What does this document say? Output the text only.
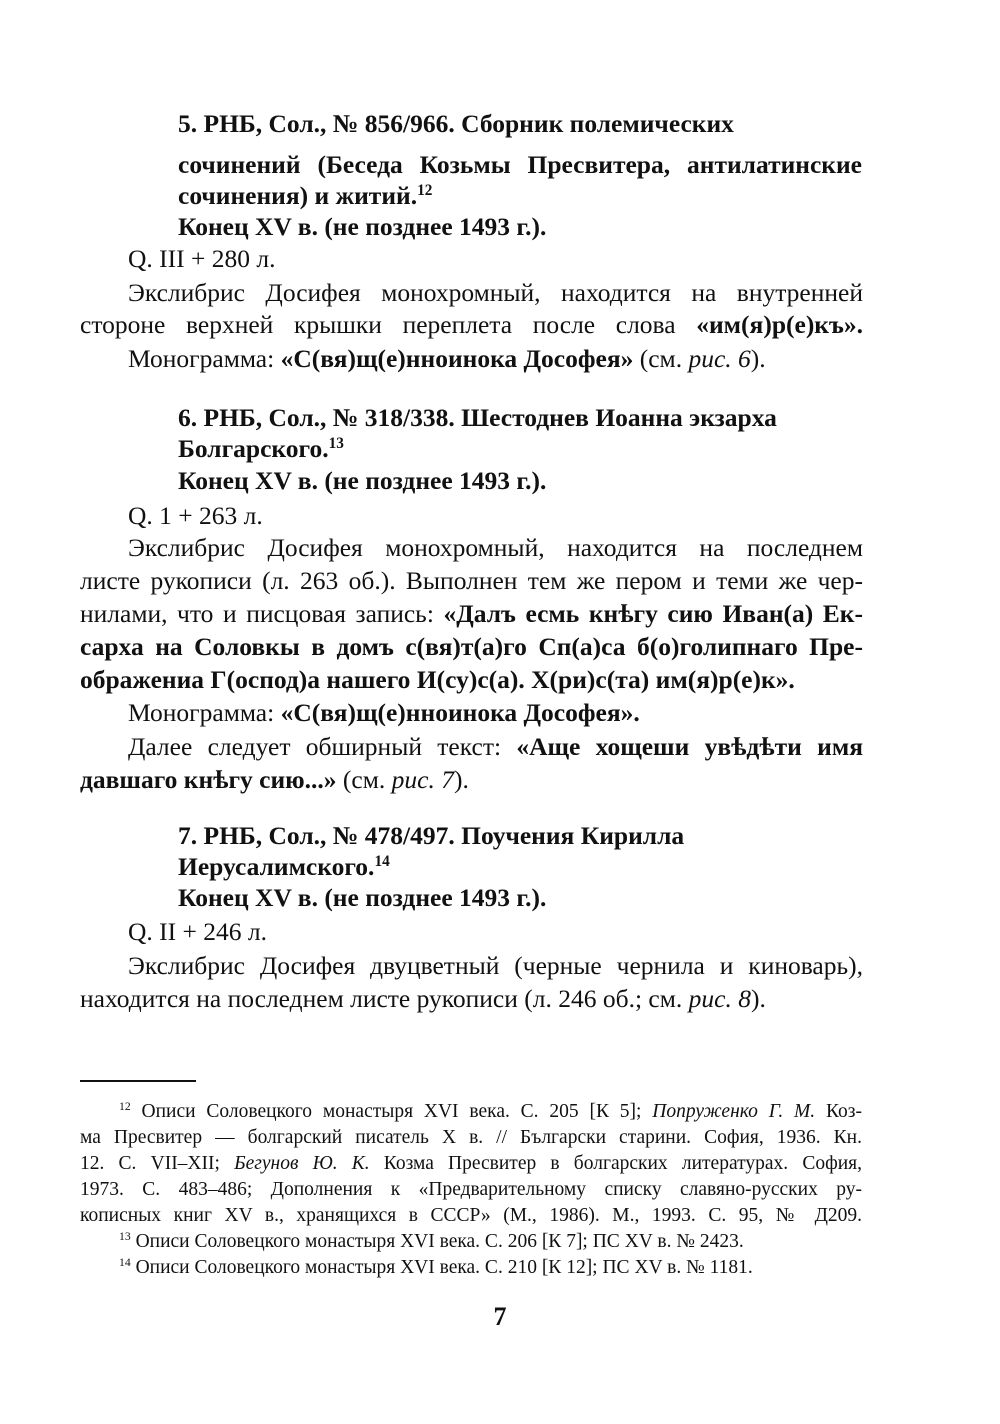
5. РНБ, Сол., № 856/966. Сборник полемических
сочинений (Беседа Козьмы Пресвитера, антилатинские
сочинения) и житий.$^{12}$
Конец XV в. (не позднее 1493 г.).
Q. III + 280 л.
Экслибрис Досифея монохромный, находится на внутренней
стороне верхней крышки переплета после слова «им(я)р(е)къ».
Монограмма: «С(вя)щ(е)нноинока Дософея» (см. рис. 6).
6. РНБ, Сол., № 318/338. Шестоднев Иоанна экзарха
Болгарского.$^{13}$
Конец XV в. (не позднее 1493 г.).
Q. 1 + 263 л.
Экслибрис Досифея монохромный, находится на последнем
листе рукописи (л. 263 об.). Выполнен тем же пером и теми же чер-
нилами, что и писцовая запись: «Далъ есмь кнѣгу сию Иван(а) Ек-
сарха на Соловкы в домъ с(вя)т(а)го Сп(а)са б(о)голипнаго Пре-
ображениа Г(оспод)а нашего И(су)с(а). Х(ри)с(та) им(я)р(е)к».
Монограмма: «С(вя)щ(е)нноинока Дософея».
Далее следует обширный текст: «Аще хощеши увѣдѣти имя
давшаго кнѣгу сию...» (см. рис. 7).
7. РНБ, Сол., № 478/497. Поучения Кирилла
Иерусалимского.$^{14}$
Конец XV в. (не позднее 1493 г.).
Q. II + 246 л.
Экслибрис Досифея двуцветный (черные чернила и киноварь),
находится на последнем листе рукописи (л. 246 об.; см. рис. 8).
$^{12}$ Описи Соловецкого монастыря XVI века. С. 205 [К 5]; Попруженко Г. М. Коз-
ма Пресвитер — болгарский писатель X в. // Български старини. София, 1936. Кн.
12. С. VII–XII; Бегунов Ю. К. Козма Пресвитер в болгарских литературах. София,
1973. С. 483–486; Дополнения к «Предварительному списку славяно-русских ру-
кописных книг XV в., хранящихся в СССР» (М., 1986). М., 1993. С. 95, № Д209.
$^{13}$ Описи Соловецкого монастыря XVI века. С. 206 [К 7]; ПС XV в. № 2423.
$^{14}$ Описи Соловецкого монастыря XVI века. С. 210 [К 12]; ПС XV в. № 1181.
7
